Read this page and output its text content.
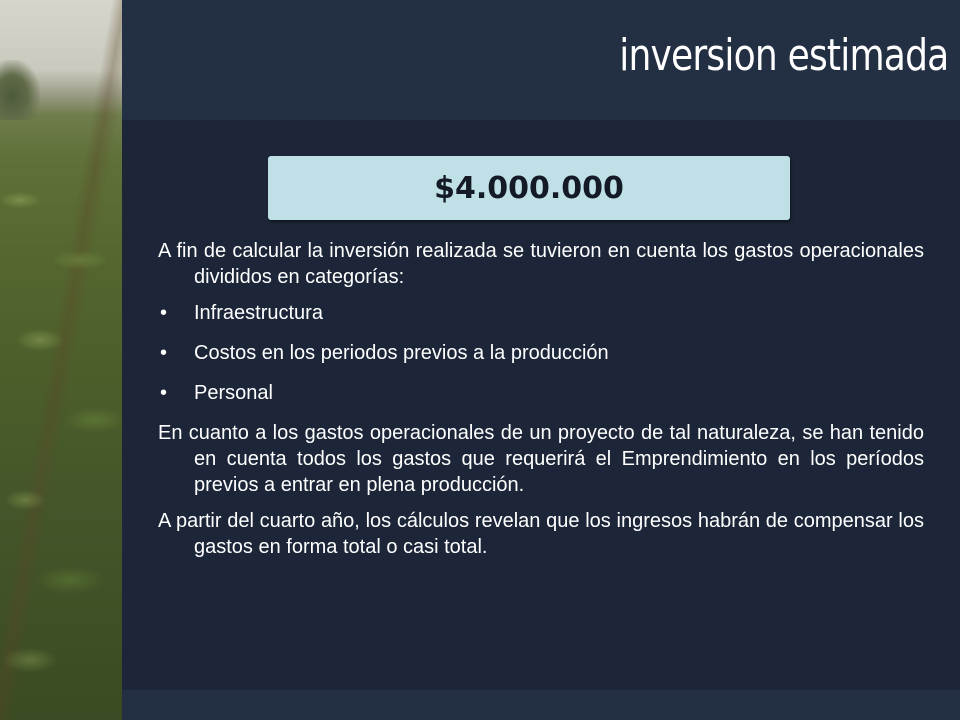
inversion estimada
$4.000.000

A fin de calcular la inversión realizada se tuvieron en cuenta los gastos operacionales divididos en categorías:

• Infraestructura
• Costos en los periodos previos a la producción
• Personal

En cuanto a los gastos operacionales de un proyecto de tal naturaleza, se han tenido en cuenta todos los gastos que requerirá el Emprendimiento en los períodos previos a entrar en plena producción.

A partir del cuarto año, los cálculos revelan que los ingresos habrán de compensar los gastos en forma total o casi total.
